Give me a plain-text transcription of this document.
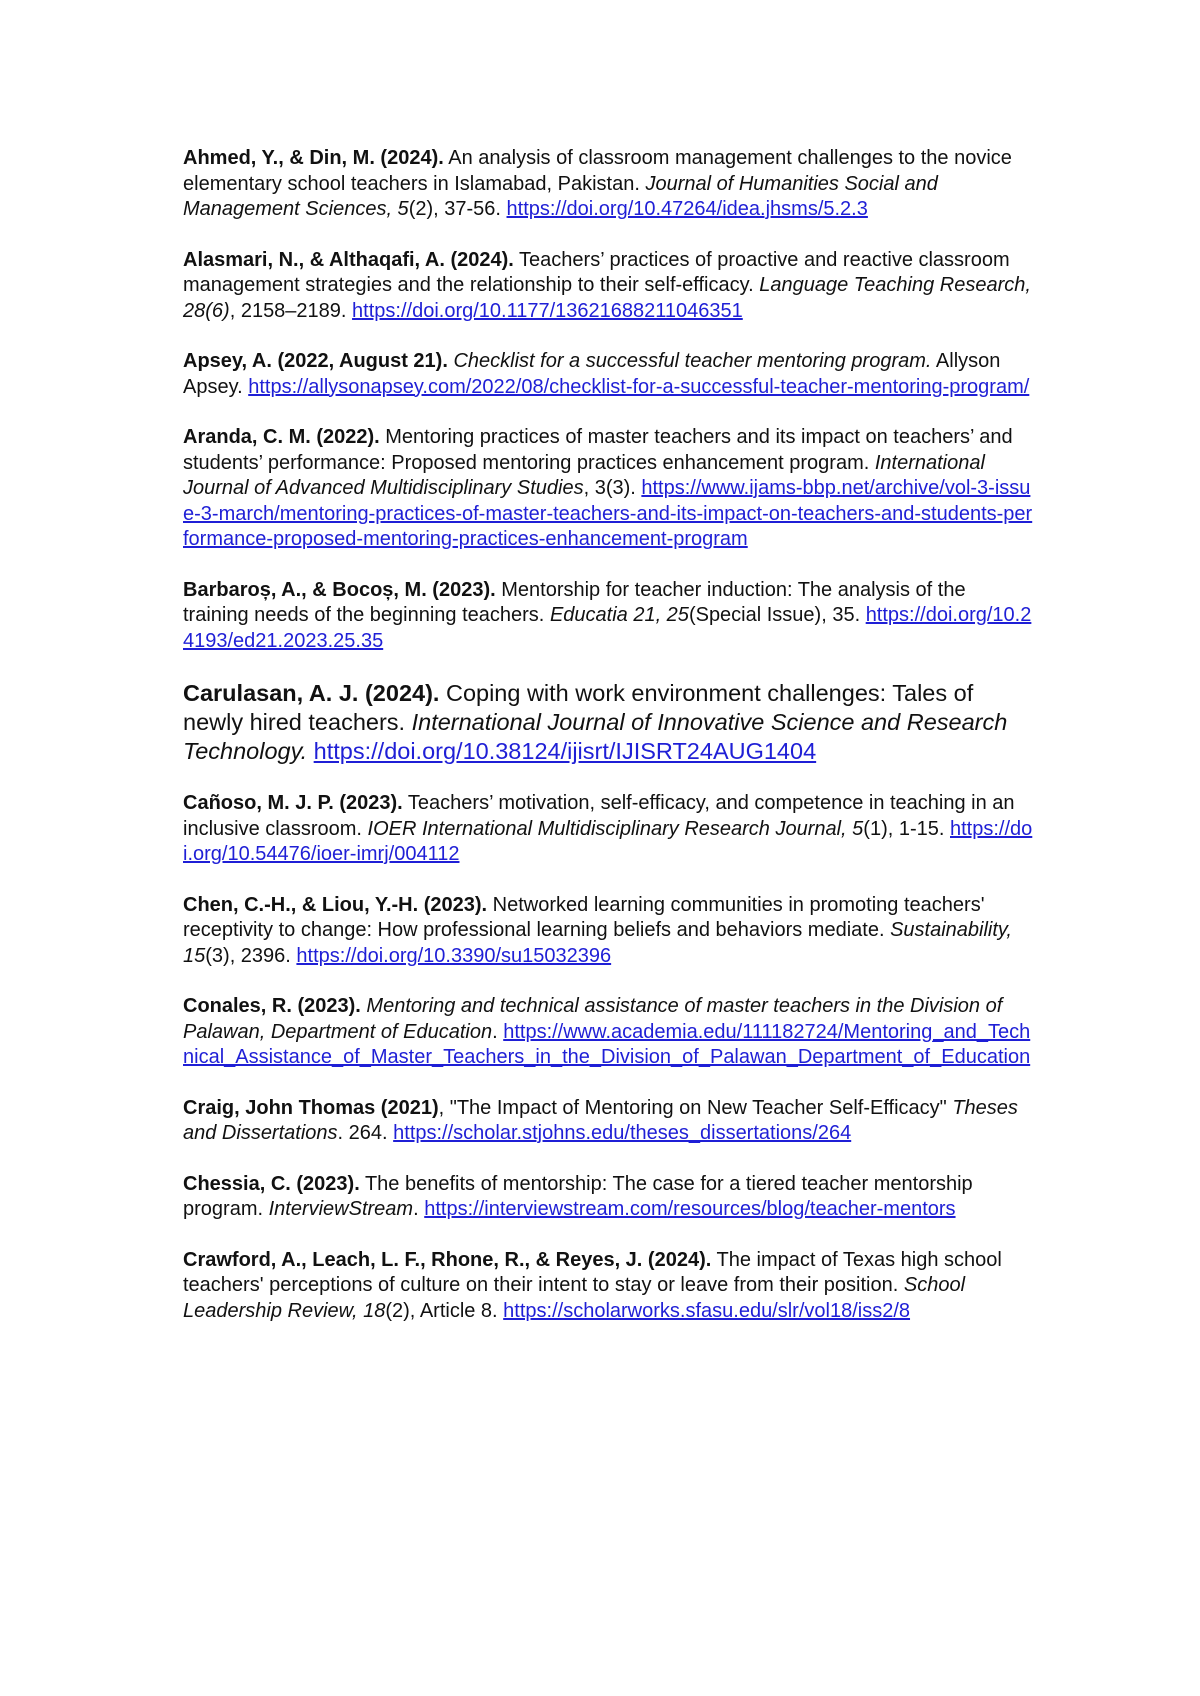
Ahmed, Y., & Din, M. (2024). An analysis of classroom management challenges to the novice elementary school teachers in Islamabad, Pakistan. Journal of Humanities Social and Management Sciences, 5(2), 37-56. https://doi.org/10.47264/idea.jhsms/5.2.3

Alasmari, N., & Althaqafi, A. (2024). Teachers’ practices of proactive and reactive classroom management strategies and the relationship to their self-efficacy. Language Teaching Research, 28(6), 2158–2189. https://doi.org/10.1177/13621688211046351

Apsey, A. (2022, August 21). Checklist for a successful teacher mentoring program. Allyson Apsey. https://allysonapsey.com/2022/08/checklist-for-a-successful-teacher-mentoring-program/

Aranda, C. M. (2022). Mentoring practices of master teachers and its impact on teachers’ and students’ performance: Proposed mentoring practices enhancement program. International Journal of Advanced Multidisciplinary Studies, 3(3). https://www.ijams-bbp.net/archive/vol-3-issue-3-march/mentoring-practices-of-master-teachers-and-its-impact-on-teachers-and-students-performance-proposed-mentoring-practices-enhancement-program

Barbaroș, A., & Bocoș, M. (2023). Mentorship for teacher induction: The analysis of the training needs of the beginning teachers. Educatia 21, 25(Special Issue), 35. https://doi.org/10.24193/ed21.2023.25.35

Carulasan, A. J. (2024). Coping with work environment challenges: Tales of newly hired teachers. International Journal of Innovative Science and Research Technology. https://doi.org/10.38124/ijisrt/IJISRT24AUG1404

Cañoso, M. J. P. (2023). Teachers’ motivation, self-efficacy, and competence in teaching in an inclusive classroom. IOER International Multidisciplinary Research Journal, 5(1), 1-15. https://doi.org/10.54476/ioer-imrj/004112

Chen, C.-H., & Liou, Y.-H. (2023). Networked learning communities in promoting teachers' receptivity to change: How professional learning beliefs and behaviors mediate. Sustainability, 15(3), 2396. https://doi.org/10.3390/su15032396

Conales, R. (2023). Mentoring and technical assistance of master teachers in the Division of Palawan, Department of Education. https://www.academia.edu/111182724/Mentoring_and_Technical_Assistance_of_Master_Teachers_in_the_Division_of_Palawan_Department_of_Education

Craig, John Thomas (2021), "The Impact of Mentoring on New Teacher Self-Efficacy" Theses and Dissertations. 264. https://scholar.stjohns.edu/theses_dissertations/264

Chessia, C. (2023). The benefits of mentorship: The case for a tiered teacher mentorship program. InterviewStream. https://interviewstream.com/resources/blog/teacher-mentors

Crawford, A., Leach, L. F., Rhone, R., & Reyes, J. (2024). The impact of Texas high school teachers' perceptions of culture on their intent to stay or leave from their position. School Leadership Review, 18(2), Article 8. https://scholarworks.sfasu.edu/slr/vol18/iss2/8
